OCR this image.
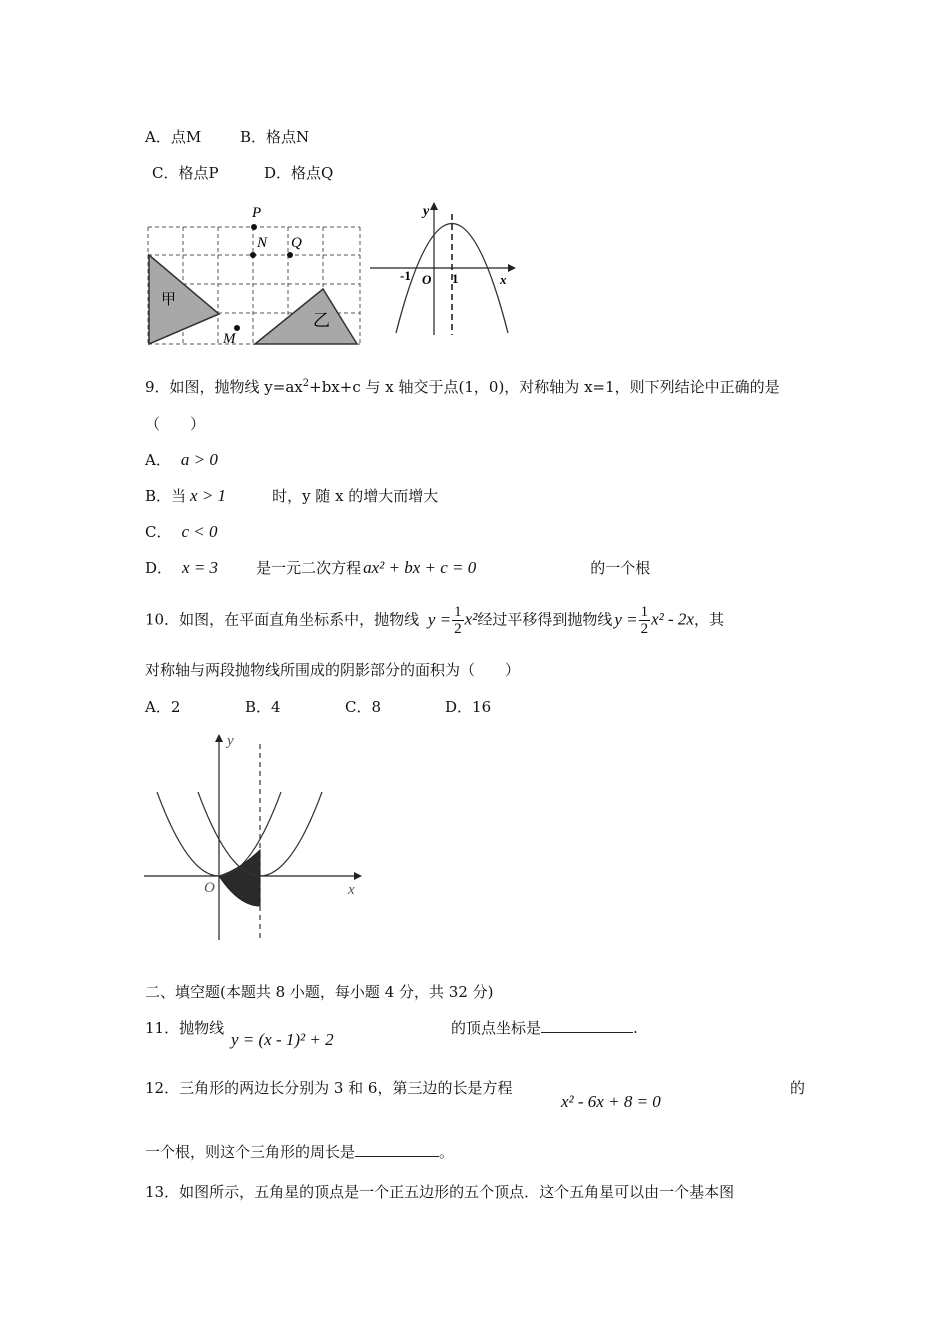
A．点M	B．格点N
C．格点P	D．格点Q
P
N Q
M
甲
乙
y
-1 O 1	x
9．如图，抛物线 $y=ax^2+bx+c$ 与 x 轴交于点(1，0)，对称轴为 x=1，则下列结论中正确的是
（　　）
A． a > 0
B．当 x > 1	时，y 随 x 的增大而增大
C． c < 0
D． x = 3	是一元二次方程 ax² + bx + c = 0	的一个根
10．如图，在平面直角坐标系中，抛物线 $y = \frac{1}{2} x^2$经过平移得到抛物线 $y = \frac{1}{2} x^2 - 2x$，其
对称轴与两段抛物线所围成的阴影部分的面积为（　　）
A．2	B．4	C．8	D．16
y
O	x
二、填空题(本题共 8 小题，每小题 4 分，共 32 分)
11．抛物线
y = (x - 1)² + 2
的顶点坐标是	.
12．三角形的两边长分别为 3 和 6，第三边的长是方程
x² - 6x + 8 = 0
的
一个根，则这个三角形的周长是	。
13．如图所示，五角星的顶点是一个正五边形的五个顶点．这个五角星可以由一个基本图
